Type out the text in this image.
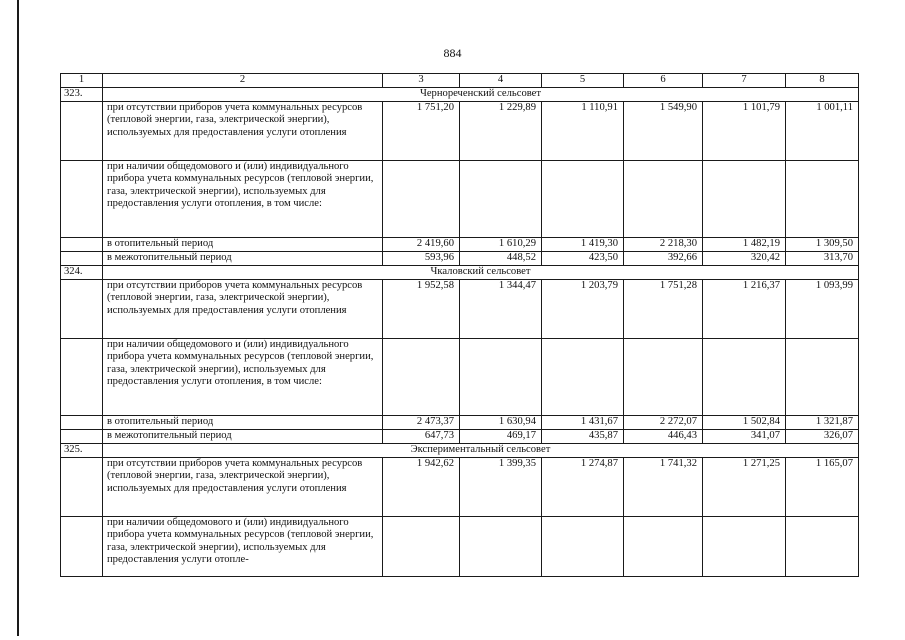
884
1	2	3	4	5	6	7	8
323.	Чернореченский сельсовет						
	при отсутствии приборов учета коммунальных ресурсов (тепловой энергии, газа, электрической энергии), используемых для предоставления услуги отопления	1 751,20	1 229,89	1 110,91	1 549,90	1 101,79	1 001,11
	при наличии общедомового и (или) индивидуального прибора учета коммунальных ресурсов (тепловой энергии, газа, электрической энергии), используемых для предоставления услуги отопления, в том числе:						
	в отопительный период	2 419,60	1 610,29	1 419,30	2 218,30	1 482,19	1 309,50
	в межотопительный период	593,96	448,52	423,50	392,66	320,42	313,70
324.	Чкаловский сельсовет						
	при отсутствии приборов учета коммунальных ресурсов (тепловой энергии, газа, электрической энергии), используемых для предоставления услуги отопления	1 952,58	1 344,47	1 203,79	1 751,28	1 216,37	1 093,99
	при наличии общедомового и (или) индивидуального прибора учета коммунальных ресурсов (тепловой энергии, газа, электрической энергии), используемых для предоставления услуги отопления, в том числе:						
	в отопительный период	2 473,37	1 630,94	1 431,67	2 272,07	1 502,84	1 321,87
	в межотопительный период	647,73	469,17	435,87	446,43	341,07	326,07
325.	Экспериментальный сельсовет						
	при отсутствии приборов учета коммунальных ресурсов (тепловой энергии, газа, электрической энергии), используемых для предоставления услуги отопления	1 942,62	1 399,35	1 274,87	1 741,32	1 271,25	1 165,07
	при наличии общедомового и (или) индивидуального прибора учета коммунальных ресурсов (тепловой энергии, газа, электрической энергии), используемых для предоставления услуги отопле-						
